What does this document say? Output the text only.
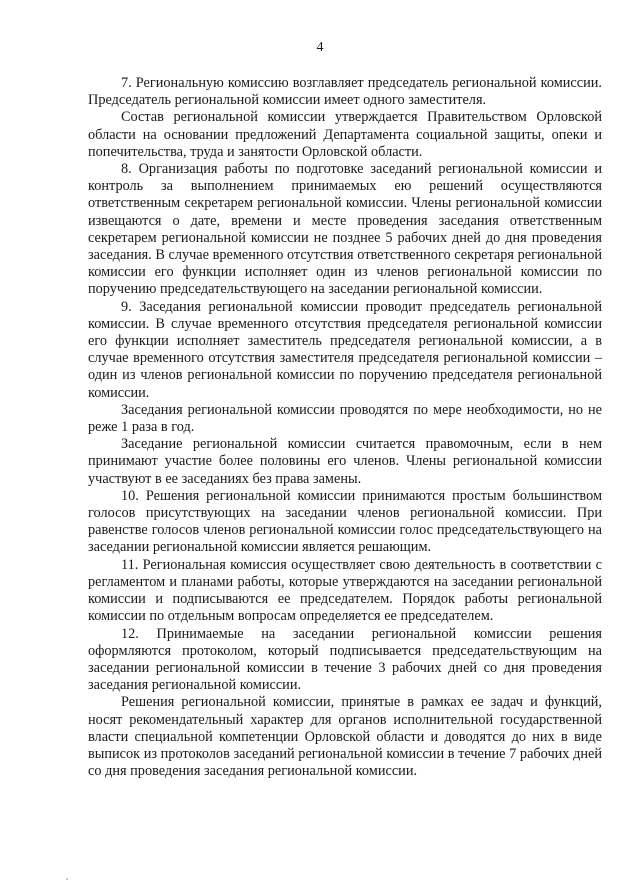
4

7. Региональную комиссию возглавляет председатель региональной комиссии. Председатель региональной комиссии имеет одного заместителя.

Состав региональной комиссии утверждается Правительством Орловской области на основании предложений Департамента социальной защиты, опеки и попечительства, труда и занятости Орловской области.

8. Организация работы по подготовке заседаний региональной комиссии и контроль за выполнением принимаемых ею решений осуществляются ответственным секретарем региональной комиссии. Члены региональной комиссии извещаются о дате, времени и месте проведения заседания ответственным секретарем региональной комиссии не позднее 5 рабочих дней до дня проведения заседания. В случае временного отсутствия ответственного секретаря региональной комиссии его функции исполняет один из членов региональной комиссии по поручению председательствующего на заседании региональной комиссии.

9. Заседания региональной комиссии проводит председатель региональной комиссии. В случае временного отсутствия председателя региональной комиссии его функции исполняет заместитель председателя региональной комиссии, а в случае временного отсутствия заместителя председателя региональной комиссии – один из членов региональной комиссии по поручению председателя региональной комиссии.

Заседания региональной комиссии проводятся по мере необходимости, но не реже 1 раза в год.

Заседание региональной комиссии считается правомочным, если в нем принимают участие более половины его членов. Члены региональной комиссии участвуют в ее заседаниях без права замены.

10. Решения региональной комиссии принимаются простым большинством голосов присутствующих на заседании членов региональной комиссии. При равенстве голосов членов региональной комиссии голос председательствующего на заседании региональной комиссии является решающим.

11. Региональная комиссия осуществляет свою деятельность в соответствии с регламентом и планами работы, которые утверждаются на заседании региональной комиссии и подписываются ее председателем. Порядок работы региональной комиссии по отдельным вопросам определяется ее председателем.

12. Принимаемые на заседании региональной комиссии решения оформляются протоколом, который подписывается председательствующим на заседании региональной комиссии в течение 3 рабочих дней со дня проведения заседания региональной комиссии.

Решения региональной комиссии, принятые в рамках ее задач и функций, носят рекомендательный характер для органов исполнительной государственной власти специальной компетенции Орловской области и доводятся до них в виде выписок из протоколов заседаний региональной комиссии в течение 7 рабочих дней со дня проведения заседания региональной комиссии.
